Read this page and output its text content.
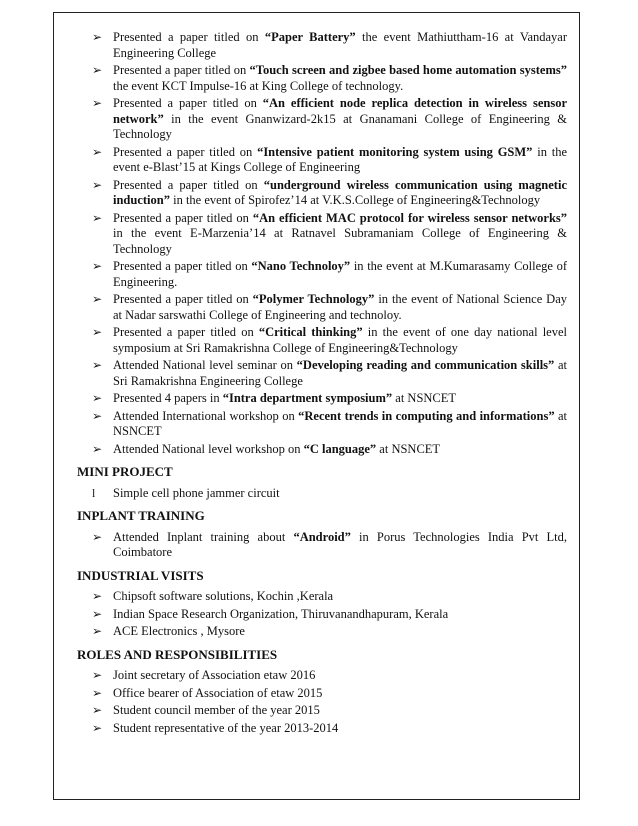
➢ Presented a paper titled on “Paper Battery” the event Mathiuttham-16 at Vandayar Engineering College
➢ Presented a paper titled on “Touch screen and zigbee based home automation systems” the event KCT Impulse-16 at King College of technology.
➢ Presented a paper titled on “An efficient node replica detection in wireless sensor network” in the event Gnanwizard-2k15 at Gnanamani College of Engineering & Technology
➢ Presented a paper titled on “Intensive patient monitoring system using GSM” in the event e-Blast’15 at Kings College of Engineering
➢ Presented a paper titled on “underground wireless communication using magnetic induction” in the event of Spirofez’14 at V.K.S.College of Engineering&Technology
➢ Presented a paper titled on “An efficient MAC protocol for wireless sensor networks” in the event E-Marzenia’14 at Ratnavel Subramaniam College of Engineering & Technology
➢ Presented a paper titled on “Nano Technoloy” in the event at M.Kumarasamy College of Engineering.
➢ Presented a paper titled on “Polymer Technology” in the event of National Science Day at Nadar sarswathi College of Engineering and technoloy.
➢ Presented a paper titled on “Critical thinking” in the event of one day national level symposium at Sri Ramakrishna College of Engineering&Technology
➢ Attended National level seminar on “Developing reading and communication skills” at Sri Ramakrishna Engineering College
➢ Presented 4 papers in “Intra department symposium” at NSNCET
➢ Attended International workshop on “Recent trends in computing and informations” at NSNCET
➢ Attended National level workshop on “C language” at NSNCET
MINI PROJECT
l Simple cell phone jammer circuit
INPLANT TRAINING
➢ Attended Inplant training about “Android” in Porus Technologies India Pvt Ltd, Coimbatore
INDUSTRIAL VISITS
➢ Chipsoft software solutions, Kochin ,Kerala
➢ Indian Space Research Organization, Thiruvanandhapuram, Kerala
➢ ACE Electronics , Mysore
ROLES AND RESPONSIBILITIES
➢ Joint secretary of Association etaw 2016
➢ Office bearer of Association of etaw 2015
➢ Student council member of the year 2015
➢ Student representative of the year 2013-2014
